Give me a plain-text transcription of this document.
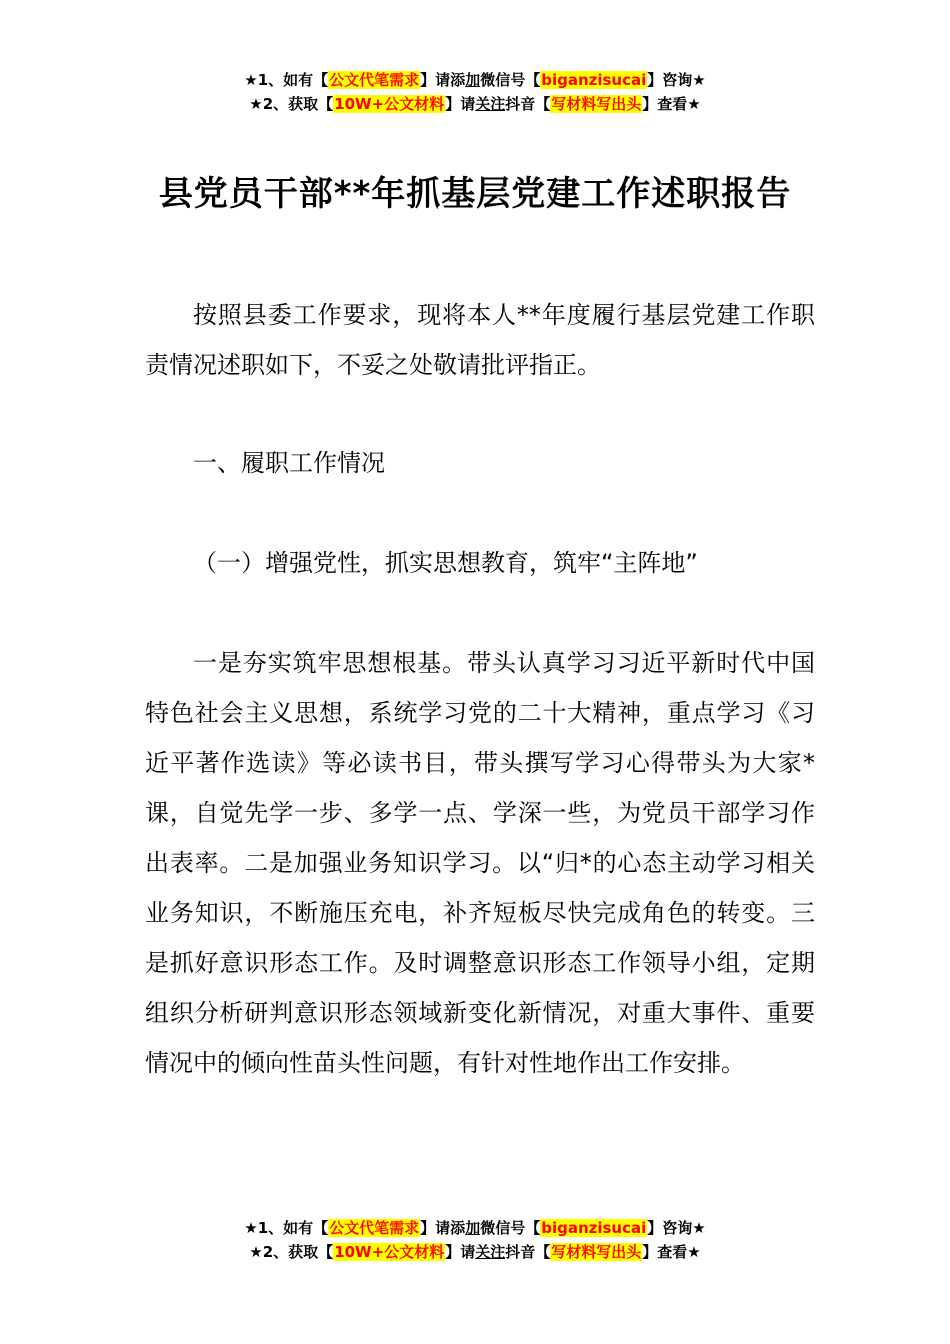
★1、如有【公文代笔需求】请添加微信号【biganzisucai】咨询★
★2、获取【10W+公文材料】请关注抖音【写材料写出头】查看★
县党员干部**年抓基层党建工作述职报告

按照县委工作要求，现将本人**年度履行基层党建工作职责情况述职如下，不妥之处敬请批评指正。

一、履职工作情况

（一）增强党性，抓实思想教育，筑牢“主阵地”

一是夯实筑牢思想根基。带头认真学习习近平新时代中国特色社会主义思想，系统学习党的二十大精神，重点学习《习近平著作选读》等必读书目，带头撰写学习心得带头为大家*课，自觉先学一步、多学一点、学深一些，为党员干部学习作出表率。二是加强业务知识学习。以“归*的心态主动学习相关业务知识，不断施压充电，补齐短板尽快完成角色的转变。三是抓好意识形态工作。及时调整意识形态工作领导小组，定期组织分析研判意识形态领域新变化新情况，对重大事件、重要情况中的倾向性苗头性问题，有针对性地作出工作安排。

★1、如有【公文代笔需求】请添加微信号【biganzisucai】咨询★
★2、获取【10W+公文材料】请关注抖音【写材料写出头】查看★
